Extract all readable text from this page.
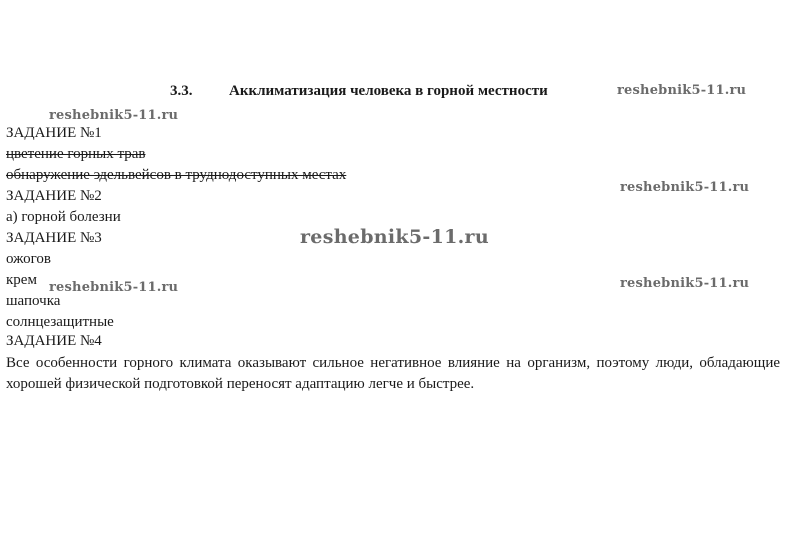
3.3. Акклиматизация человека в горной местности
ЗАДАНИЕ №1
цветение горных трав
обнаружение эдельвейсов в труднодоступных местах
ЗАДАНИЕ №2
а) горной болезни
ЗАДАНИЕ №3
ожогов
крем
шапочка
солнцезащитные
ЗАДАНИЕ №4
Все особенности горного климата оказывают сильное негативное влияние на организм, поэтому люди, обладающие хорошей физической подготовкой переносят адаптацию легче и быстрее.
reshebnik5-11.ru
reshebnik5-11.ru
reshebnik5-11.ru
reshebnik5-11.ru
reshebnik5-11.ru	reshebnik5-11.ru
